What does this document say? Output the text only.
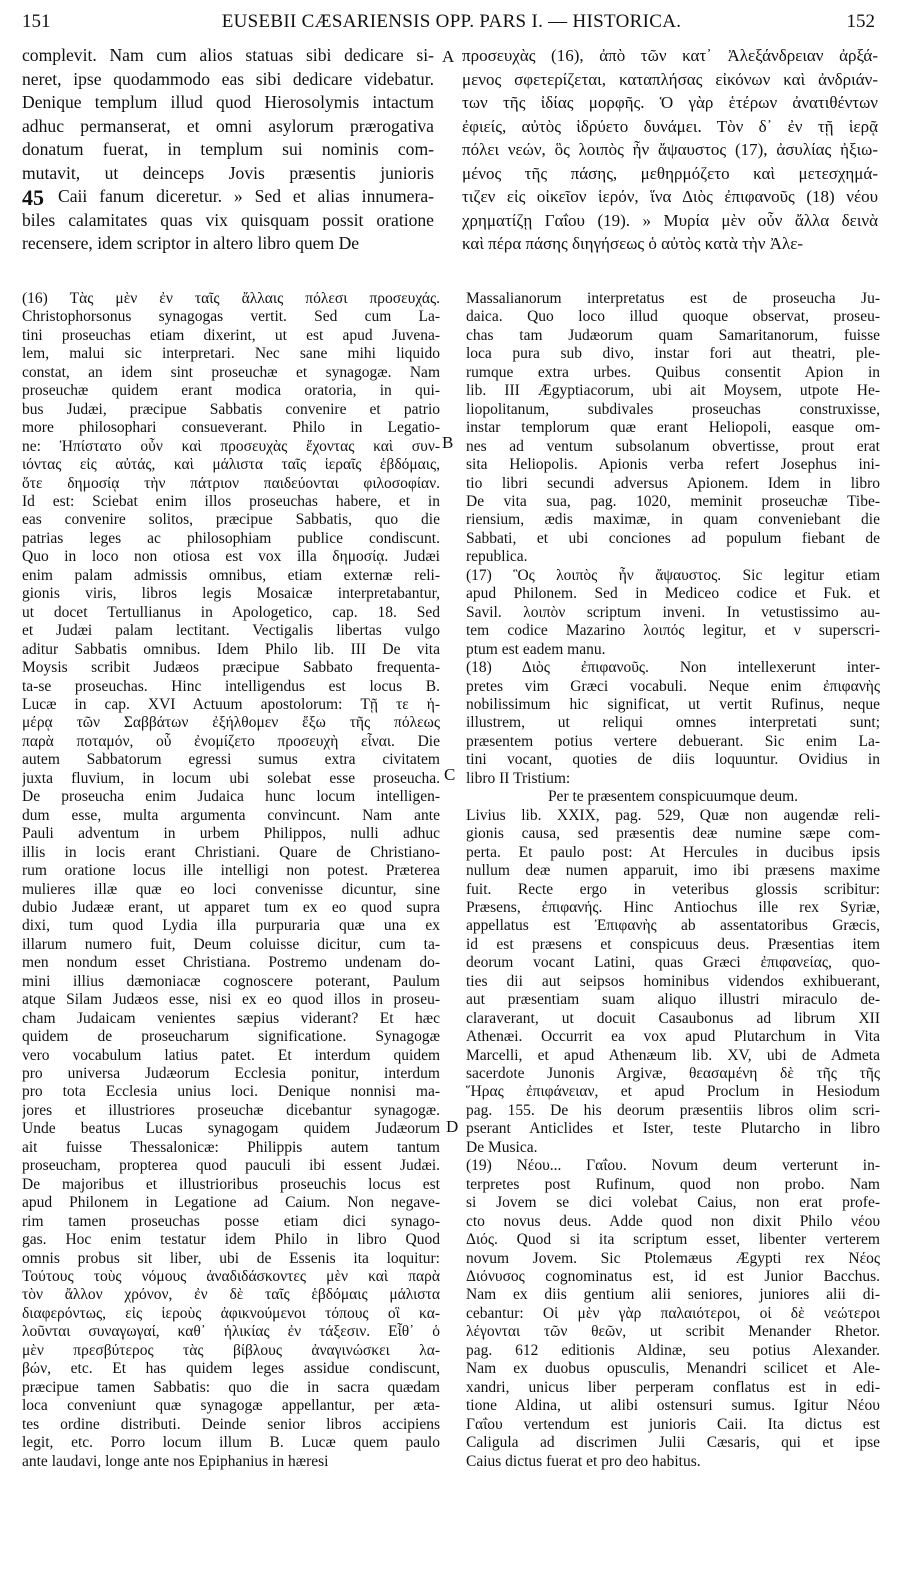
151	EUSEBII CÆSARIENSIS OPP. PARS I. — HISTORICA.	152
A
B
C
D
45
complevit. Nam cum alios statuas sibi dedicare si-
neret, ipse quodammodo eas sibi dedicare videbatur.
Denique templum illud quod Hierosolymis intactum
adhuc permanserat, et omni asylorum prærogativa
donatum fuerat, in templum sui nominis com-
mutavit, ut deinceps Jovis præsentis junioris
Caii fanum diceretur. » Sed et alias innumera-
biles calamitates quas vix quisquam possit oratione
recensere, idem scriptor in altero libro quem De
προσευχὰς (16), ἀπὸ τῶν κατ᾽ Ἀλεξάνδρειαν ἀρξά-
μενος σφετερίζεται, καταπλήσας εἰκόνων καὶ ἀνδριάν-
των τῆς ἰδίας μορφῆς. Ὁ γὰρ ἑτέρων ἀνατιθέντων
ἐφιείς, αὐτὸς ἱδρύετο δυνάμει. Τὸν δ᾽ ἐν τῇ ἱερᾷ
πόλει νεών, ὃς λοιπὸς ἦν ἄψαυστος (17), ἀσυλίας ἠξιω-
μένος τῆς πάσης, μεθηρμόζετο καὶ μετεσχημά-
τιζεν εἰς οἰκεῖον ἱερόν, ἵνα Διὸς ἐπιφανοῦς (18) νέου
χρηματίζῃ Γαΐου (19). » Μυρία μὲν οὖν ἄλλα δεινὰ
καὶ πέρα πάσης διηγήσεως ὁ αὐτὸς κατὰ τὴν Ἀλε-
(16) Τὰς μὲν ἐν ταῖς ἄλλαις πόλεσι προσευχάς.
Christophorsonus synagogas vertit. Sed cum La-
tini proseuchas etiam dixerint, ut est apud Juvena-
lem, malui sic interpretari. Nec sane mihi liquido
constat, an idem sint proseuchæ et synagogæ. Nam
proseuchæ quidem erant modica oratoria, in qui-
bus Judæi, præcipue Sabbatis convenire et patrio
more philosophari consueverant. Philo in Legatio-
ne: Ἠπίστατο οὖν καὶ προσευχὰς ἔχοντας καὶ συν-
ιόντας εἰς αὐτάς, καὶ μάλιστα ταῖς ἱεραῖς ἑβδόμαις,
ὅτε δημοσίᾳ τὴν πάτριον παιδεύονται φιλοσοφίαν.
Id est: Sciebat enim illos proseuchas habere, et in
eas convenire solitos, præcipue Sabbatis, quo die
patrias leges ac philosophiam publice condiscunt.
Quo in loco non otiosa est vox illa δημοσίᾳ. Judæi
enim palam admissis omnibus, etiam externæ reli-
gionis viris, libros legis Mosaicæ interpretabantur,
ut docet Tertullianus in Apologetico, cap. 18. Sed
et Judæi palam lectitant. Vectigalis libertas vulgo
aditur Sabbatis omnibus. Idem Philo lib. III De vita
Moysis scribit Judæos præcipue Sabbato frequenta-
ta-se proseuchas. Hinc intelligendus est locus B.
Lucæ in cap. XVI Actuum apostolorum: Τῇ τε ἡ-
μέρᾳ τῶν Σαββάτων ἐξήλθομεν ἔξω τῆς πόλεως
παρὰ ποταμόν, οὗ ἐνομίζετο προσευχὴ εἶναι. Die
autem Sabbatorum egressi sumus extra civitatem
juxta fluvium, in locum ubi solebat esse proseucha.
De proseucha enim Judaica hunc locum intelligen-
dum esse, multa argumenta convincunt. Nam ante
Pauli adventum in urbem Philippos, nulli adhuc
illis in locis erant Christiani. Quare de Christiano-
rum oratione locus ille intelligi non potest. Præterea
mulieres illæ quæ eo loci convenisse dicuntur, sine
dubio Judææ erant, ut apparet tum ex eo quod supra
dixi, tum quod Lydia illa purpuraria quæ una ex
illarum numero fuit, Deum coluisse dicitur, cum ta-
men nondum esset Christiana. Postremo undenam do-
mini illius dæmoniacæ cognoscere poterant, Paulum
atque Silam Judæos esse, nisi ex eo quod illos in proseu-
cham Judaicam venientes sæpius viderant? Et hæc
quidem de proseucharum significatione. Synagogæ
vero vocabulum latius patet. Et interdum quidem
pro universa Judæorum Ecclesia ponitur, interdum
pro tota Ecclesia unius loci. Denique nonnisi ma-
jores et illustriores proseuchæ dicebantur synagogæ.
Unde beatus Lucas synagogam quidem Judæorum
ait fuisse Thessalonicæ: Philippis autem tantum
proseucham, propterea quod pauculi ibi essent Judæi.
De majoribus et illustrioribus proseuchis locus est
apud Philonem in Legatione ad Caium. Non negave-
rim tamen proseuchas posse etiam dici synago-
gas. Hoc enim testatur idem Philo in libro Quod
omnis probus sit liber, ubi de Essenis ita loquitur:
Τούτους τοὺς νόμους ἀναδιδάσκοντες μὲν καὶ παρὰ
τὸν ἄλλον χρόνον, ἐν δὲ ταῖς ἑβδόμαις μάλιστα
διαφερόντως, εἰς ἱεροὺς ἀφικνούμενοι τόπους οἳ κα-
λοῦνται συναγωγαί, καθ᾽ ἡλικίας ἐν τάξεσιν. Εἶθ᾽ ὁ
μὲν πρεσβύτερος τὰς βίβλους ἀναγινώσκει λα-
βών, etc. Et has quidem leges assidue condiscunt,
præcipue tamen Sabbatis: quo die in sacra quædam
loca conveniunt quæ synagogæ appellantur, per æta-
tes ordine distributi. Deinde senior libros accipiens
legit, etc. Porro locum illum B. Lucæ quem paulo
ante laudavi, longe ante nos Epiphanius in hæresi
Massalianorum interpretatus est de proseucha Ju-
daica. Quo loco illud quoque observat, proseu-
chas tam Judæorum quam Samaritanorum, fuisse
loca pura sub divo, instar fori aut theatri, ple-
rumque extra urbes. Quibus consentit Apion in
lib. III Ægyptiacorum, ubi ait Moysem, utpote He-
liopolitanum, subdivales proseuchas construxisse,
instar templorum quæ erant Heliopoli, easque om-
nes ad ventum subsolanum obvertisse, prout erat
sita Heliopolis. Apionis verba refert Josephus ini-
tio libri secundi adversus Apionem. Idem in libro
De vita sua, pag. 1020, meminit proseuchæ Tibe-
riensium, ædis maximæ, in quam conveniebant die
Sabbati, et ubi conciones ad populum fiebant de
republica.
(17) Ὃς λοιπὸς ἦν ἄψαυστος. Sic legitur etiam
apud Philonem. Sed in Mediceo codice et Fuk. et
Savil. λοιπὸν scriptum inveni. In vetustissimo au-
tem codice Mazarino λοιπός legitur, et ν superscri-
ptum est eadem manu.
(18) Διὸς ἐπιφανοῦς. Non intellexerunt inter-
pretes vim Græci vocabuli. Neque enim ἐπιφανὴς
nobilissimum hic significat, ut vertit Rufinus, neque
illustrem, ut reliqui omnes interpretati sunt;
præsentem potius vertere debuerant. Sic enim La-
tini vocant, quoties de diis loquuntur. Ovidius in
libro II Tristium:
Per te præsentem conspicuumque deum.
Livius lib. XXIX, pag. 529, Quæ non augendæ reli-
gionis causa, sed præsentis deæ numine sæpe com-
perta. Et paulo post: At Hercules in ducibus ipsis
nullum deæ numen apparuit, imo ibi præsens maxime
fuit. Recte ergo in veteribus glossis scribitur:
Præsens, ἐπιφανής. Hinc Antiochus ille rex Syriæ,
appellatus est Ἐπιφανὴς ab assentatoribus Græcis,
id est præsens et conspicuus deus. Præsentias item
deorum vocant Latini, quas Græci ἐπιφανείας, quo-
ties dii aut seipsos hominibus videndos exhibuerant,
aut præsentiam suam aliquo illustri miraculo de-
claraverant, ut docuit Casaubonus ad librum XII
Athenæi. Occurrit ea vox apud Plutarchum in Vita
Marcelli, et apud Athenæum lib. XV, ubi de Admeta
sacerdote Junonis Argivæ, θεασαμένη δὲ τῆς τῆς
Ἥρας ἐπιφάνειαν, et apud Proclum in Hesiodum
pag. 155. De his deorum præsentiis libros olim scri-
pserant Anticlides et Ister, teste Plutarcho in libro
De Musica.
(19) Νέου... Γαΐου. Novum deum verterunt in-
terpretes post Rufinum, quod non probo. Nam
si Jovem se dici volebat Caius, non erat profe-
cto novus deus. Adde quod non dixit Philo νέου
Διός. Quod si ita scriptum esset, libenter verterem
novum Jovem. Sic Ptolemæus Ægypti rex Νέος
Διόνυσος cognominatus est, id est Junior Bacchus.
Nam ex diis gentium alii seniores, juniores alii di-
cebantur: Οἱ μὲν γὰρ παλαιότεροι, οἱ δὲ νεώτεροι
λέγονται τῶν θεῶν, ut scribit Menander Rhetor.
pag. 612 editionis Aldinæ, seu potius Alexander.
Nam ex duobus opusculis, Menandri scilicet et Ale-
xandri, unicus liber perperam conflatus est in edi-
tione Aldina, ut alibi ostensuri sumus. Igitur Νέου
Γαΐου vertendum est junioris Caii. Ita dictus est
Caligula ad discrimen Julii Cæsaris, qui et ipse
Caius dictus fuerat et pro deo habitus.
